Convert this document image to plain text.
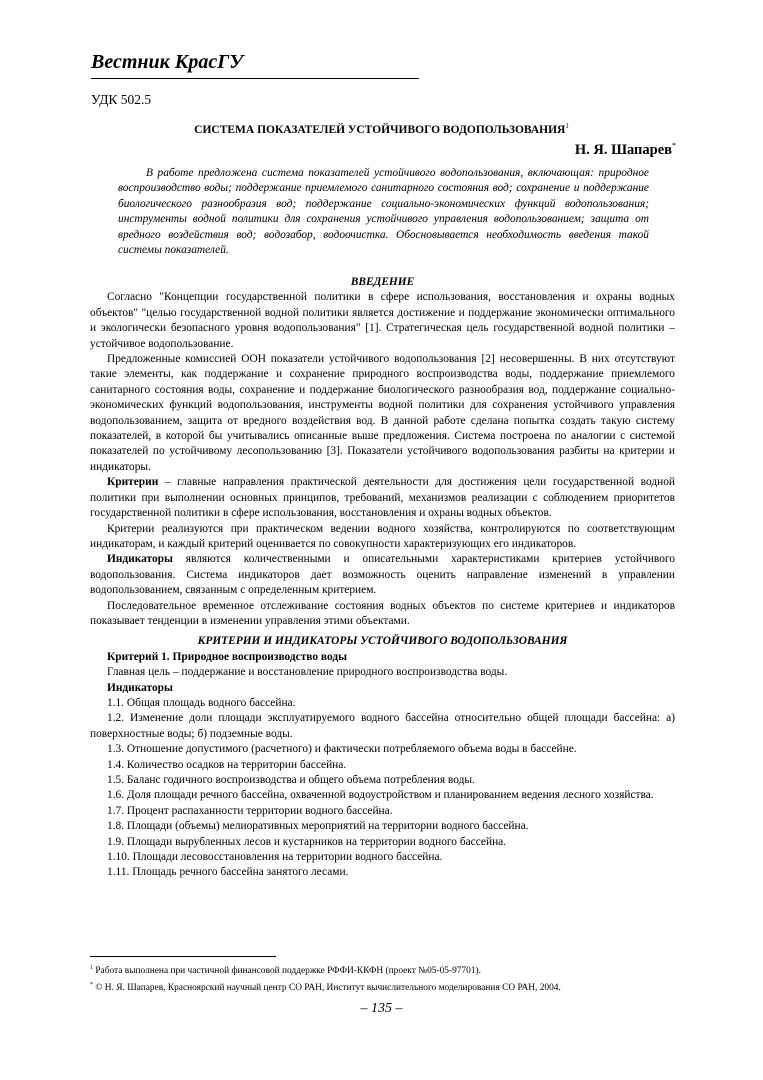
Вестник КрасГУ
УДК 502.5
СИСТЕМА ПОКАЗАТЕЛЕЙ УСТОЙЧИВОГО ВОДОПОЛЬЗОВАНИЯ$^1$
Н. Я. Шапарев*
В работе предложена система показателей устойчивого водопользования, включающая: природное воспроизводство воды; поддержание приемлемого санитарного состояния вод; сохранение и поддержание биологического разнообразия вод; поддержание социально-экономических функций водопользования; инструменты водной политики для сохранения устойчивого управления водопользованием; защита от вредного воздействия вод; водозабор, водоочистка. Обосновывается необходимость введения такой системы показателей.

ВВЕДЕНИЕ

Согласно "Концепции государственной политики в сфере использования, восстановления и охраны водных объектов" "целью государственной водной политики является достижение и поддержание экономически оптимального и экологически безопасного уровня водопользования" [1]. Стратегическая цель государственной водной политики – устойчивое водопользование.

Предложенные комиссией ООН показатели устойчивого водопользования [2] несовершенны. В них отсутствуют такие элементы, как поддержание и сохранение природного воспроизводства воды, поддержание приемлемого санитарного состояния воды, сохранение и поддержание биологического разнообразия вод, поддержание социально-экономических функций водопользования, инструменты водной политики для сохранения устойчивого управления водопользованием, защита от вредного воздействия вод. В данной работе сделана попытка создать такую систему показателей, в которой бы учитывались описанные выше предложения. Система построена по аналогии с системой показателей по устойчивому лесопользованию [3]. Показатели устойчивого водопользования разбиты на критерии и индикаторы.

Критерии – главные направления практической деятельности для достижения цели государственной водной политики при выполнении основных принципов, требований, механизмов реализации с соблюдением приоритетов государственной политики в сфере использования, восстановления и охраны водных объектов.

Критерии реализуются при практическом ведении водного хозяйства, контролируются по соответствующим индикаторам, и каждый критерий оценивается по совокупности характеризующих его индикаторов.

Индикаторы являются количественными и описательными характеристиками критериев устойчивого водопользования. Система индикаторов дает возможность оценить направление изменений в управлении водопользованием, связанным с определенным критерием.

Последовательное временное отслеживание состояния водных объектов по системе критериев и индикаторов показывает тенденции в изменении управления этими объектами.

КРИТЕРИИ И ИНДИКАТОРЫ УСТОЙЧИВОГО ВОДОПОЛЬЗОВАНИЯ

Критерий 1. Природное воспроизводство воды

Главная цель – поддержание и восстановление природного воспроизводства воды.

Индикаторы

1.1. Общая площадь водного бассейна.

1.2. Изменение доли площади эксплуатируемого водного бассейна относительно общей площади бассейна: а) поверхностные воды; б) подземные воды.

1.3. Отношение допустимого (расчетного) и фактически потребляемого объема воды в бассейне.

1.4. Количество осадков на территории бассейна.

1.5. Баланс годичного воспроизводства и общего объема потребления воды.

1.6. Доля площади речного бассейна, охваченной водоустройством и планированием ведения лесного хозяйства.

1.7. Процент распаханности территории водного бассейна.

1.8. Площади (объемы) мелиоративных мероприятий на территории водного бассейна.

1.9. Площади вырубленных лесов и кустарников на территории водного бассейна.

1.10. Площади лесовосстановления на территории водного бассейна.

1.11. Площадь речного бассейна занятого лесами.

$^1$ Работа выполнена при частичной финансовой поддержке РФФИ-ККФН (проект №05-05-97701).

* © Н. Я. Шапарев, Красноярский научный центр СО РАН, Институт вычислительного моделирования СО РАН, 2004.

– 135 –
